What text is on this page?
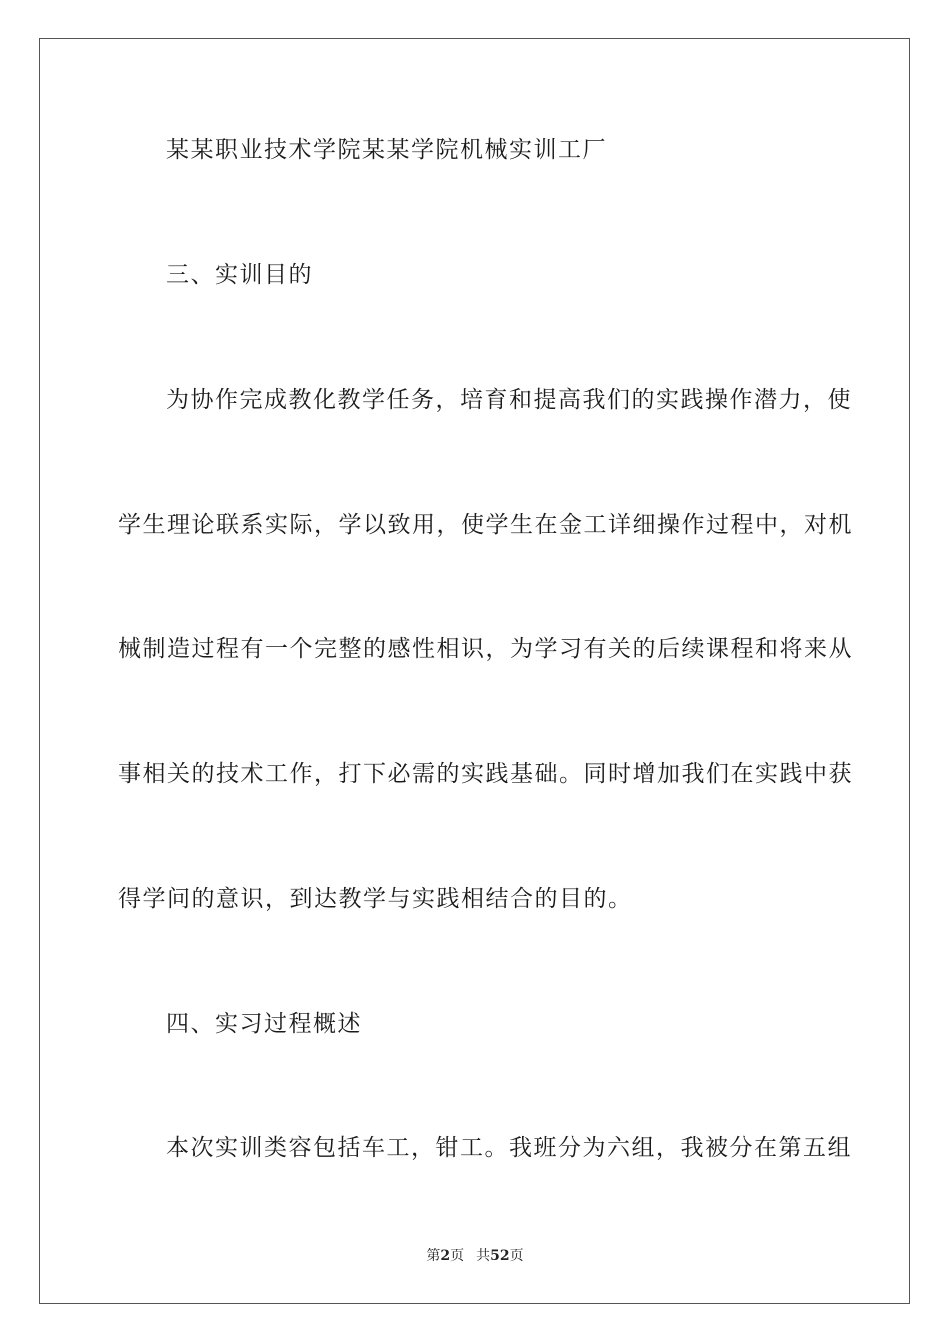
某某职业技术学院某某学院机械实训工厂
三、实训目的
为协作完成教化教学任务，培育和提高我们的实践操作潜力，使
学生理论联系实际，学以致用，使学生在金工详细操作过程中，对机
械制造过程有一个完整的感性相识，为学习有关的后续课程和将来从
事相关的技术工作，打下必需的实践基础。同时增加我们在实践中获
得学问的意识，到达教学与实践相结合的目的。
四、实习过程概述
本次实训类容包括车工，钳工。我班分为六组，我被分在第五组
第2页 共52页
